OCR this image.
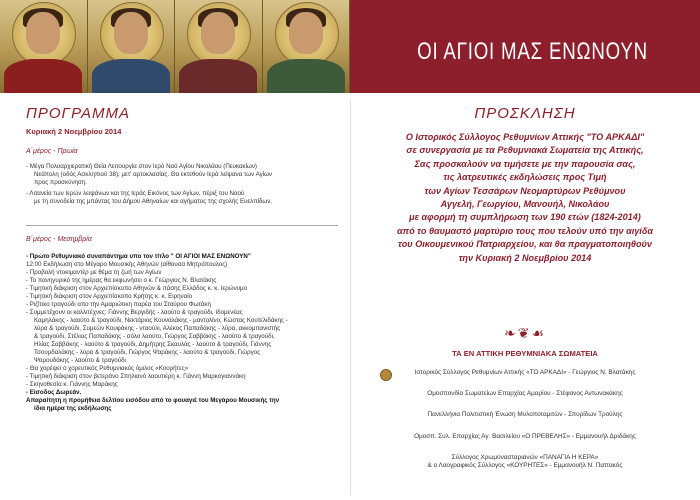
ΟΙ ΑΓΙΟΙ ΜΑΣ ΕΝΩΝΟΥΝ
ΠΡΟΓΡΑΜΜΑ
Κυριακή 2 Νοεμβρίου 2014
Α΄μέρος - Πρωία
- Μέγα Πολυαρχιερατική Θεία Λειτουργία στον Ιερό Ναό Αγίου Νικολάου (Πευκακίων)
Νεάπολη (οδός Ασκληπιού 38), μετ' αρτοκλασίας. Θα εκτεθούν Ιερά λείψανα των Αγίων
προς προσκύνηση.
- Λιτανεία των Ιερών λειψάνων και της Ιεράς Εικόνος των Αγίων, πέριξ του Ναού
με τη συνοδεία της μπάντας του Δήμου Αθηναίων και αγήματος της σχολής Ευελπίδων.
Β΄μέρος - Μεσημβρία
- Πρώτο Ρεθυμνιακό συναπάντημα υπο τον τίτλο " ΟΙ ΑΓΙΟΙ ΜΑΣ ΕΝΩΝΟΥΝ"
12:00 Εκδήλωση στο Μέγαρο Μουσικής Αθηνών (αίθουσα Μητρόπουλος)
- Προβολή ντοκιμαντέρ με θέμα τη ζωή των Αγίων
- Το πανηγυρικό της ημέρας θα εκφωνήσει ο κ. Γεώργιος Ν. Βλατάκης
- Τιμητική διάκριση στον Αρχιεπίσκοπο Αθηνών & πάσης Ελλάδος κ. κ. Ιερώνυμο
- Τιμητική διάκριση στον Αρχιεπίσκοπο Κρήτης κ. κ. Ειρηναίο
- Ριζίτικο τραγούδι απο την Αμαριώτικη παρέα του Σταύρου Φωτάκη
- Συμμετέχουν οι καλλιτέχνες: Γιάννης Βεργιδής - λαούτο & τραγούδι, Ιδομενέας
Καμηλάκης - λαούτο & τραγούδι, Νεκτάριος Κουναλάκης - μαντολίνο, Κώστας Κουτελιδάκης -
λύρα & τραγούδι, Συμεών Κουφάκης - νταούλι, Αλέκος Παπαδάκης - λύρα, ακκομπανιστής
& τραγούδι, Στέλιος Παπαδάκης - σόλο λαούτο, Γιώργος Σαββάκης - λαούτο & τραγούδι,
Ηλίας Σαββάκης - λαούτο & τραγούδι, Δημήτρης Σκαυλάς - λαούτο & τραγούδι, Γιάννης
Τσουρδαλάκης - λύρα & τραγούδι, Γιώργος Ψαράκης - λαούτο & τραγούδι, Γιώργος
Ψαρουδάκης - λαούτο & τραγούδι
- Θα χορέψει ο χορευτικός Ρεθυμνιακός όμιλος «Κουρήτες»
- Τιμητική διάκριση στον βετεράνο Σπηλιανό λαουτιέρη κ. Γιάννη Μαρκογιαννάκη
- Σκηνοθεσία κ. Γιάννης Μαράκης
- Είσοδος Δωρεάν.
Απαραίτητη η προμήθεια δελτίου εισόδου από το φουαγιέ του Μεγάρου Μουσικής την
ίδια ημέρα της εκδήλωσης
ΠΡΟΣΚΛΗΣΗ
Ο Ιστορικός Σύλλογος Ρεθυμνίων Αττικής "ΤΟ ΑΡΚΑΔΙ"
σε συνεργασία με τα Ρεθυμνιακά Σωματεία της Αττικής,
Σας προσκαλούν να τιμήσετε με την παρουσία σας,
τις λατρευτικές εκδηλώσεις προς Τιμή
των Αγίων Τεσσάρων Νεομαρτύρων Ρεθύμνου
Αγγελή, Γεωργίου, Μανουήλ, Νικολάου
με αφορμή τη συμπλήρωση των 190 ετών (1824-2014)
από το θαυμαστό μαρτύριο τους που τελούν υπό την αιγίδα
του Οικουμενικού Πατριαρχείου, και θα πραγματοποιηθούν
την Κυριακή 2 Νοεμβρίου 2014
❧❦☙
ΤΑ ΕΝ ΑΤΤΙΚΗ ΡΕΘΥΜΝΙΑΚΑ ΣΩΜΑΤΕΙΑ
Ιστορικός Σύλλογος Ρεθυμνίων Αττικής «ΤΟ ΑΡΚΑΔΙ» - Γεώργιος Ν. Βλατάκης
Ομοσπονδία Σωματείων Επαρχίας Αμαρίου - Στέφανος Αντωνακάκης
Πανελλήνια Πολιτιστική Ένωση Μυλοποταμιτών - Σπυρίδων Τρούλης
Ομοσπ. Συλ. Επαρχίας Αγ. Βασιλείου «Ο ΠΡΕΒΕΛΗΣ» - Εμμανουήλ Δριδάκης
Σύλλογος Χρωμονασταριανών «ΠΑΝΑΓΙΑ Η ΚΕΡΑ»
& ο Λαογραφικός Σύλλογος «ΚΟΥΡΗΤΕΣ» - Εμμανουήλ Ν. Παττακός
